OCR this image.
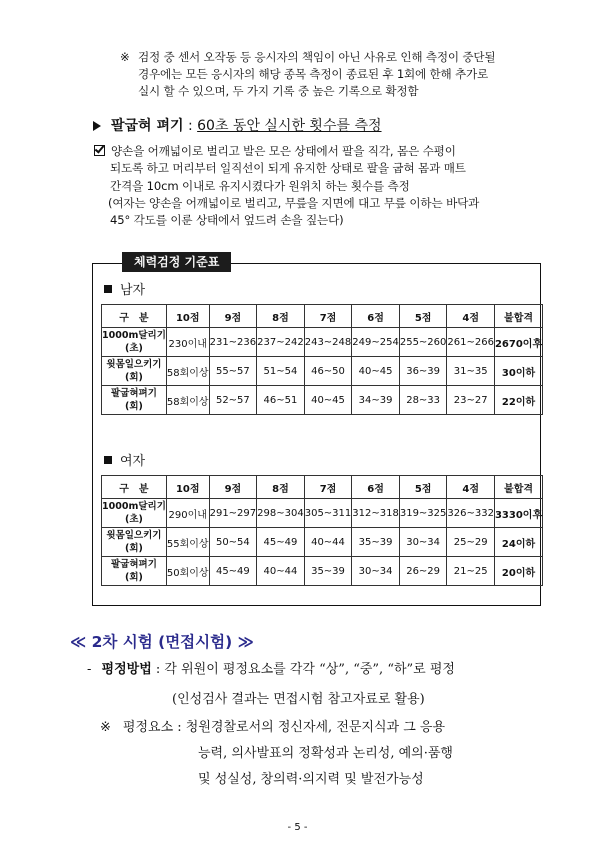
※ 검정 중 센서 오작동 등 응시자의 책임이 아닌 사유로 인해 측정이 중단될
경우에는 모든 응시자의 해당 종목 측정이 종료된 후 1회에 한해 추가로
실시 할 수 있으며, 두 가지 기록 중 높은 기록으로 확정함
팔굽혀 펴기 : 60초 동안 실시한 횟수를 측정
양손을 어깨넓이로 벌리고 발은 모은 상태에서 팔을 직각, 몸은 수평이
되도록 하고 머리부터 일직선이 되게 유지한 상태로 팔을 굽혀 몸과 매트
간격을 10cm 이내로 유지시켰다가 원위치 하는 횟수를 측정
(여자는 양손을 어깨넓이로 벌리고, 무릎을 지면에 대고 무릎 이하는 바닥과
45° 각도를 이룬 상태에서 엎드려 손을 짚는다)
체력검정 기준표
남자
구　분	10점	9점	8점	7점	6점	5점	4점	불합격

1000m달리기
(초)	230이내	231~236	237~242	243~248	249~254	255~260	261~266	2670이후

윗몸일으키기
(회)	58회이상	55~57	51~54	46~50	40~45	36~39	31~35	30이하

팔굽혀펴기
(회)	58회이상	52~57	46~51	40~45	34~39	28~33	23~27	22이하
여자
구　분	10점	9점	8점	7점	6점	5점	4점	불합격

1000m달리기
(초)	290이내	291~297	298~304	305~311	312~318	319~325	326~332	3330이후

윗몸일으키기
(회)	55회이상	50~54	45~49	40~44	35~39	30~34	25~29	24이하

팔굽혀펴기
(회)	50회이상	45~49	40~44	35~39	30~34	26~29	21~25	20이하
≪ 2차 시험 (면접시험) ≫
- 평정방법 : 각 위원이 평정요소를 각각 “상”, “중”, “하”로 평정
(인성검사 결과는 면접시험 참고자료로 활용)
※ 평정요소 : 청원경찰로서의 정신자세, 전문지식과 그 응용
능력, 의사발표의 정확성과 논리성, 예의·품행
및 성실성, 창의력·의지력 및 발전가능성
- 5 -
